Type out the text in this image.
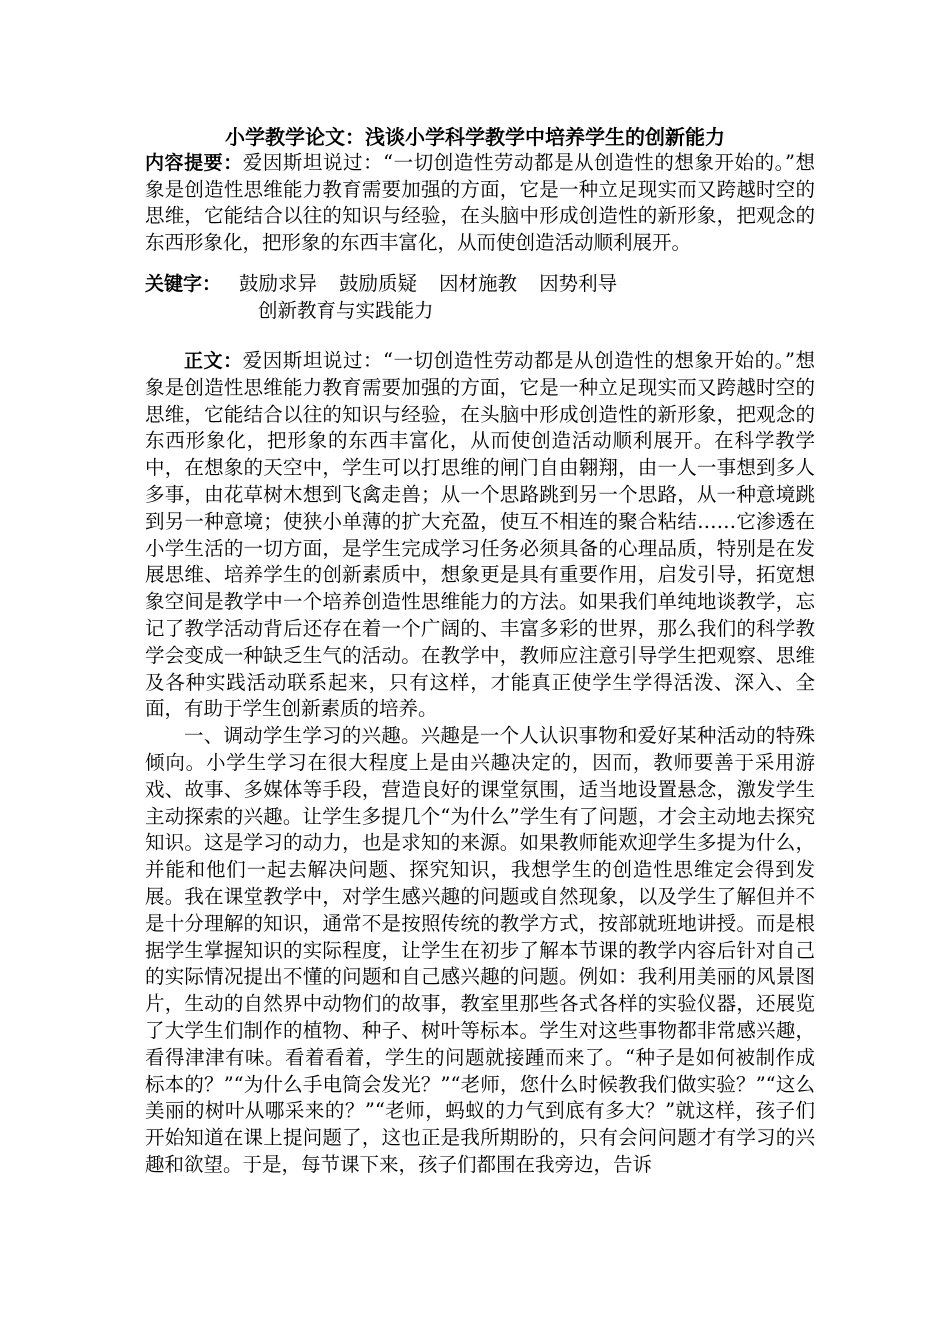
小学教学论文：浅谈小学科学教学中培养学生的创新能力
内容提要：爱因斯坦说过：“一切创造性劳动都是从创造性的想象开始的。”想象是创造性思维能力教育需要加强的方面，它是一种立足现实而又跨越时空的思维，它能结合以往的知识与经验，在头脑中形成创造性的新形象，把观念的东西形象化，把形象的东西丰富化，从而使创造活动顺利展开。
关键字： 鼓励求异 鼓励质疑 因材施教 因势利导
创新教育与实践能力

正文：爱因斯坦说过：“一切创造性劳动都是从创造性的想象开始的。”想象是创造性思维能力教育需要加强的方面，它是一种立足现实而又跨越时空的思维，它能结合以往的知识与经验，在头脑中形成创造性的新形象，把观念的东西形象化，把形象的东西丰富化，从而使创造活动顺利展开。在科学教学中，在想象的天空中，学生可以打思维的闸门自由翱翔，由一人一事想到多人多事，由花草树木想到飞禽走兽；从一个思路跳到另一个思路，从一种意境跳到另一种意境；使狭小单薄的扩大充盈，使互不相连的聚合粘结……它渗透在小学生活的一切方面，是学生完成学习任务必须具备的心理品质，特别是在发展思维、培养学生的创新素质中，想象更是具有重要作用，启发引导，拓宽想象空间是教学中一个培养创造性思维能力的方法。如果我们单纯地谈教学，忘记了教学活动背后还存在着一个广阔的、丰富多彩的世界，那么我们的科学教学会变成一种缺乏生气的活动。在教学中，教师应注意引导学生把观察、思维及各种实践活动联系起来，只有这样，才能真正使学生学得活泼、深入、全面，有助于学生创新素质的培养。

一、调动学生学习的兴趣。兴趣是一个人认识事物和爱好某种活动的特殊倾向。小学生学习在很大程度上是由兴趣决定的，因而，教师要善于采用游戏、故事、多媒体等手段，营造良好的课堂氛围，适当地设置悬念，激发学生主动探索的兴趣。让学生多提几个“为什么”学生有了问题，才会主动地去探究知识。这是学习的动力，也是求知的来源。如果教师能欢迎学生多提为什么，并能和他们一起去解决问题、探究知识，我想学生的创造性思维定会得到发展。我在课堂教学中，对学生感兴趣的问题或自然现象，以及学生了解但并不是十分理解的知识，通常不是按照传统的教学方式，按部就班地讲授。而是根据学生掌握知识的实际程度，让学生在初步了解本节课的教学内容后针对自己的实际情况提出不懂的问题和自己感兴趣的问题。例如：我利用美丽的风景图片，生动的自然界中动物们的故事，教室里那些各式各样的实验仪器，还展览了大学生们制作的植物、种子、树叶等标本。学生对这些事物都非常感兴趣，看得津津有味。看着看着，学生的问题就接踵而来了。“种子是如何被制作成标本的？”“为什么手电筒会发光？”“老师，您什么时候教我们做实验？”“这么美丽的树叶从哪采来的？”“老师，蚂蚁的力气到底有多大？”就这样，孩子们开始知道在课上提问题了，这也正是我所期盼的，只有会问问题才有学习的兴趣和欲望。于是，每节课下来，孩子们都围在我旁边，告诉
